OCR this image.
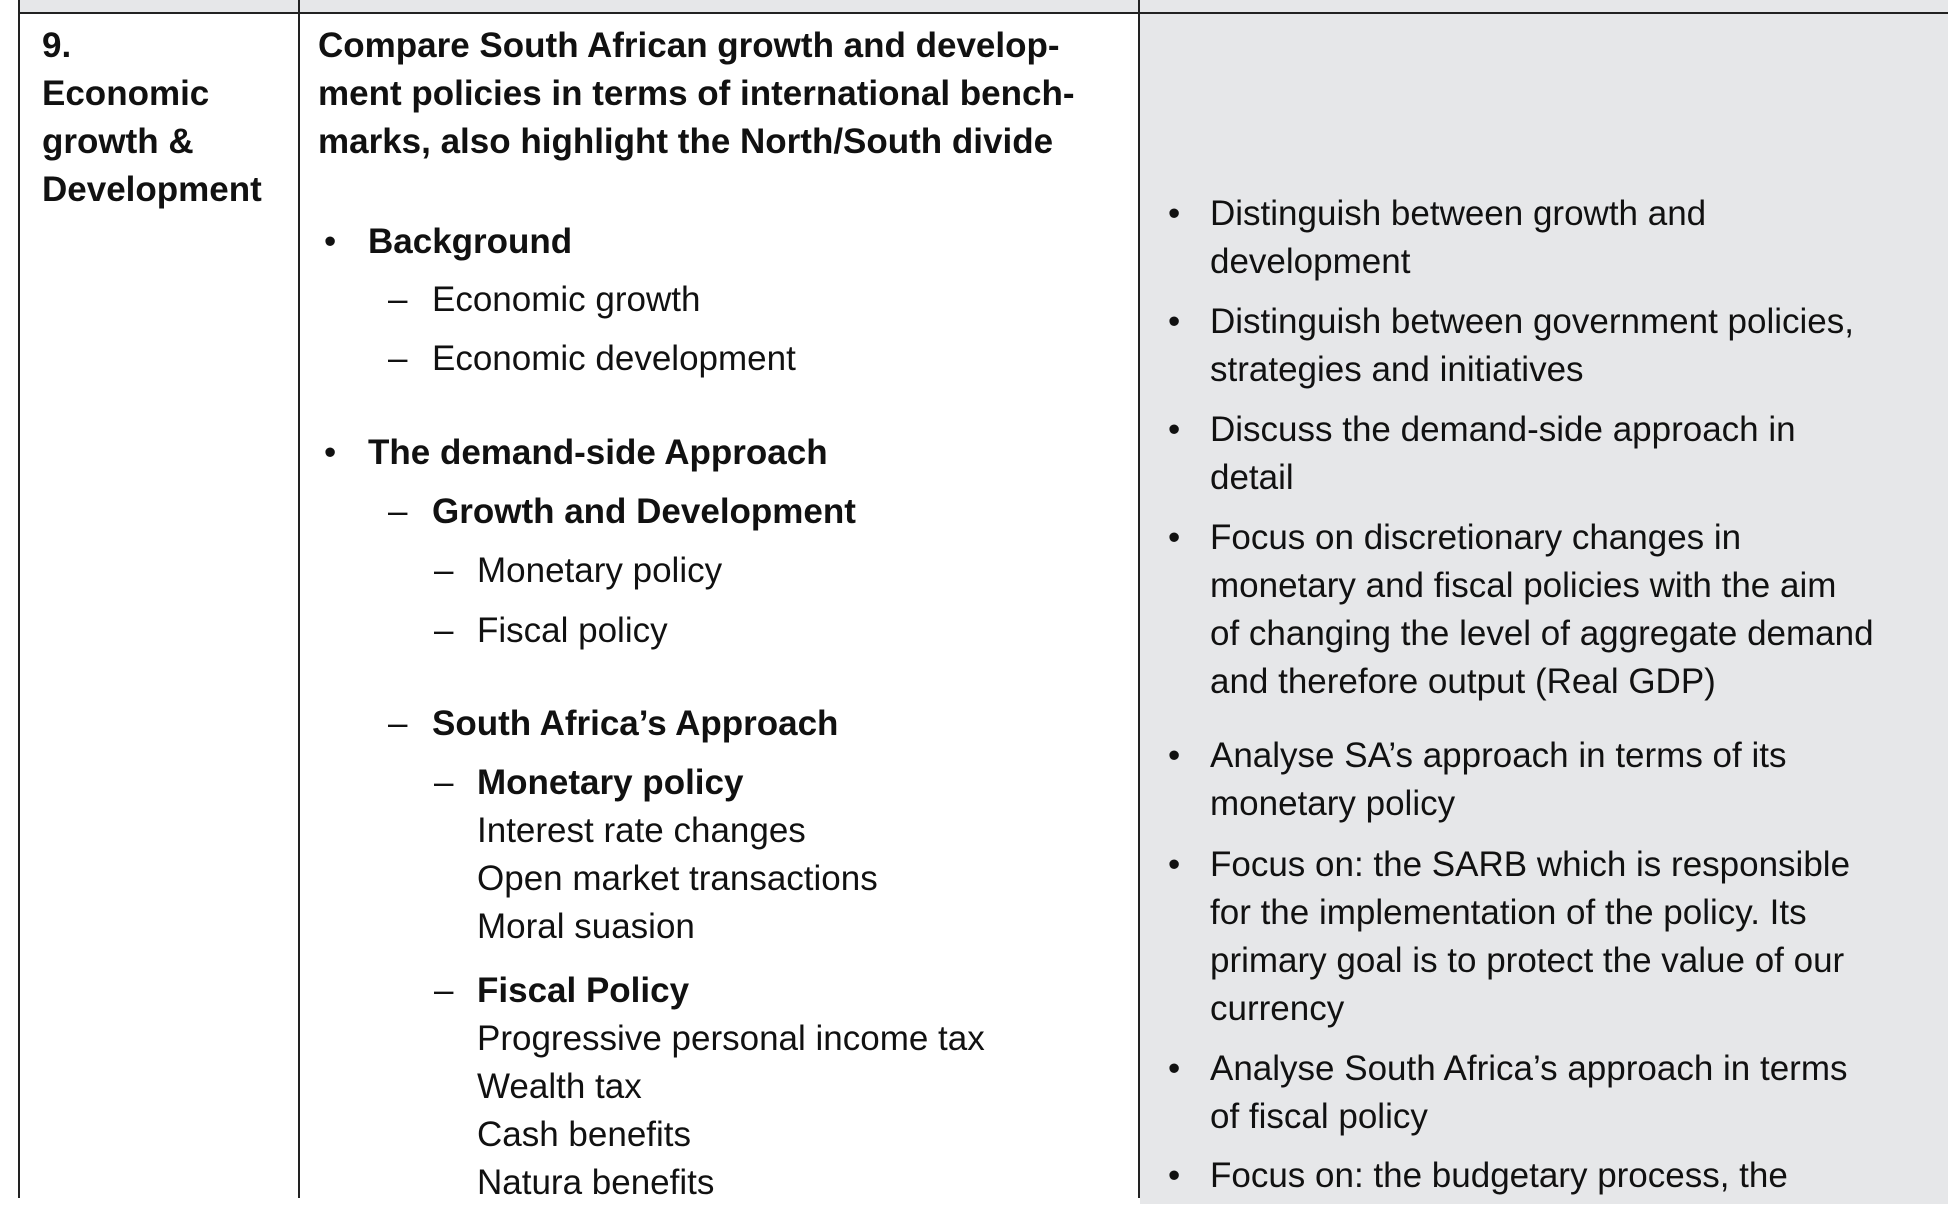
9.
Economic
growth &
Development
Compare South African growth and develop-
ment policies in terms of international bench-
marks, also highlight the North/South divide
• Background
– Economic growth
– Economic development
• The demand-side Approach
– Growth and Development
– Monetary policy
– Fiscal policy
– South Africa’s Approach
– Monetary policy
Interest rate changes
Open market transactions
Moral suasion
– Fiscal Policy
Progressive personal income tax
Wealth tax
Cash benefits
Natura benefits
• Distinguish between growth and
development
• Distinguish between government policies,
strategies and initiatives
• Discuss the demand-side approach in
detail
• Focus on discretionary changes in
monetary and fiscal policies with the aim
of changing the level of aggregate demand
and therefore output (Real GDP)
• Analyse SA’s approach in terms of its
monetary policy
• Focus on: the SARB which is responsible
for the implementation of the policy. Its
primary goal is to protect the value of our
currency
• Analyse South Africa’s approach in terms
of fiscal policy
• Focus on: the budgetary process, the
